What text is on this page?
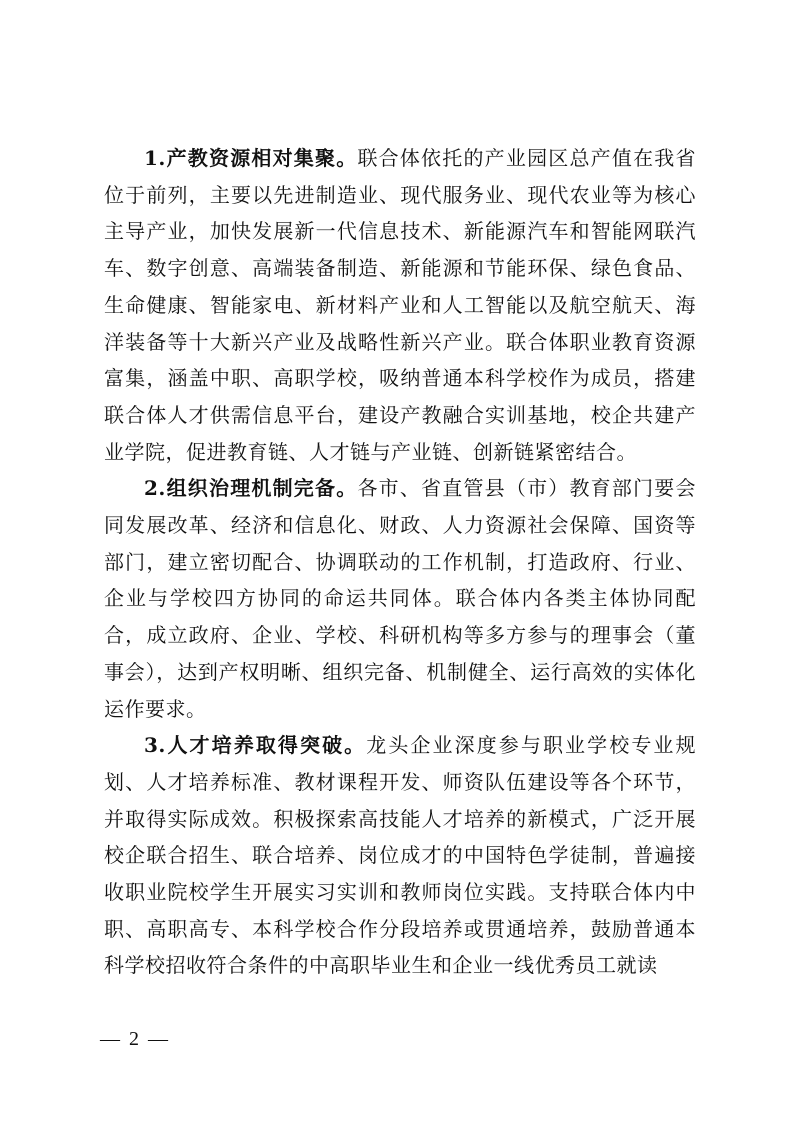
1.产教资源相对集聚。联合体依托的产业园区总产值在我省位于前列，主要以先进制造业、现代服务业、现代农业等为核心主导产业，加快发展新一代信息技术、新能源汽车和智能网联汽车、数字创意、高端装备制造、新能源和节能环保、绿色食品、生命健康、智能家电、新材料产业和人工智能以及航空航天、海洋装备等十大新兴产业及战略性新兴产业。联合体职业教育资源富集，涵盖中职、高职学校，吸纳普通本科学校作为成员，搭建联合体人才供需信息平台，建设产教融合实训基地，校企共建产业学院，促进教育链、人才链与产业链、创新链紧密结合。

2.组织治理机制完备。各市、省直管县（市）教育部门要会同发展改革、经济和信息化、财政、人力资源社会保障、国资等部门，建立密切配合、协调联动的工作机制，打造政府、行业、企业与学校四方协同的命运共同体。联合体内各类主体协同配合，成立政府、企业、学校、科研机构等多方参与的理事会（董事会），达到产权明晰、组织完备、机制健全、运行高效的实体化运作要求。

3.人才培养取得突破。龙头企业深度参与职业学校专业规划、人才培养标准、教材课程开发、师资队伍建设等各个环节，并取得实际成效。积极探索高技能人才培养的新模式，广泛开展校企联合招生、联合培养、岗位成才的中国特色学徒制，普遍接收职业院校学生开展实习实训和教师岗位实践。支持联合体内中职、高职高专、本科学校合作分段培养或贯通培养，鼓励普通本科学校招收符合条件的中高职毕业生和企业一线优秀员工就读

— 2 —
